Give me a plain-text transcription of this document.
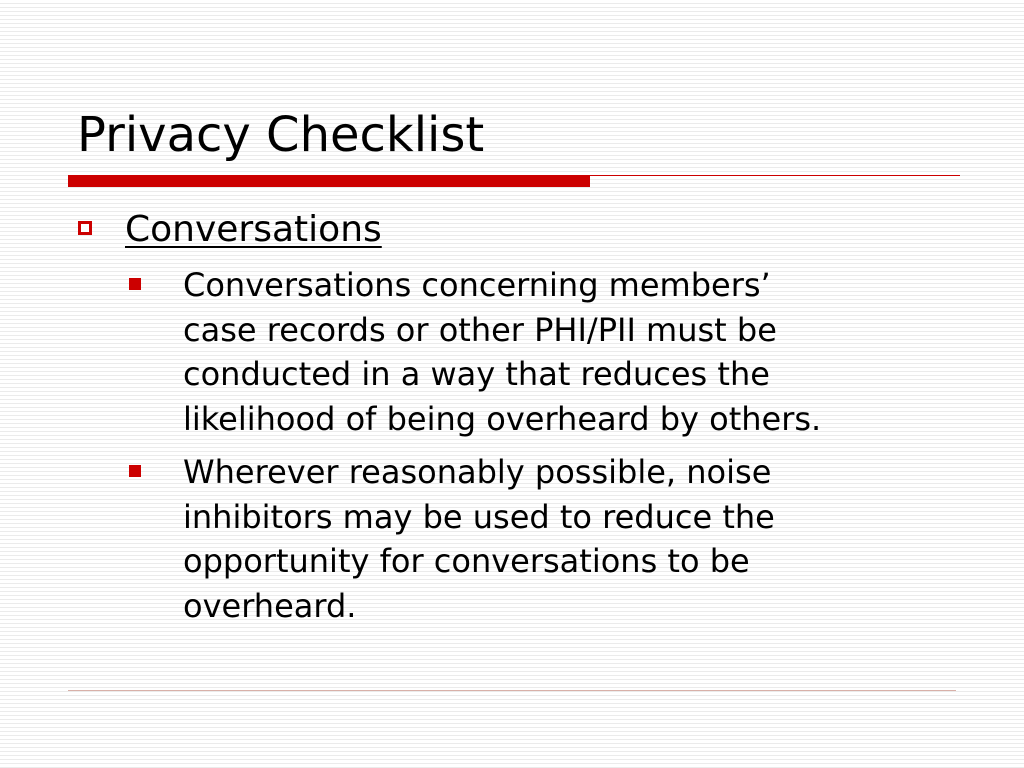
Privacy Checklist
Conversations
Conversations concerning members’
case records or other PHI/PII must be
conducted in a way that reduces the
likelihood of being overheard by others.
Wherever reasonably possible, noise
inhibitors may be used to reduce the
opportunity for conversations to be
overheard.
